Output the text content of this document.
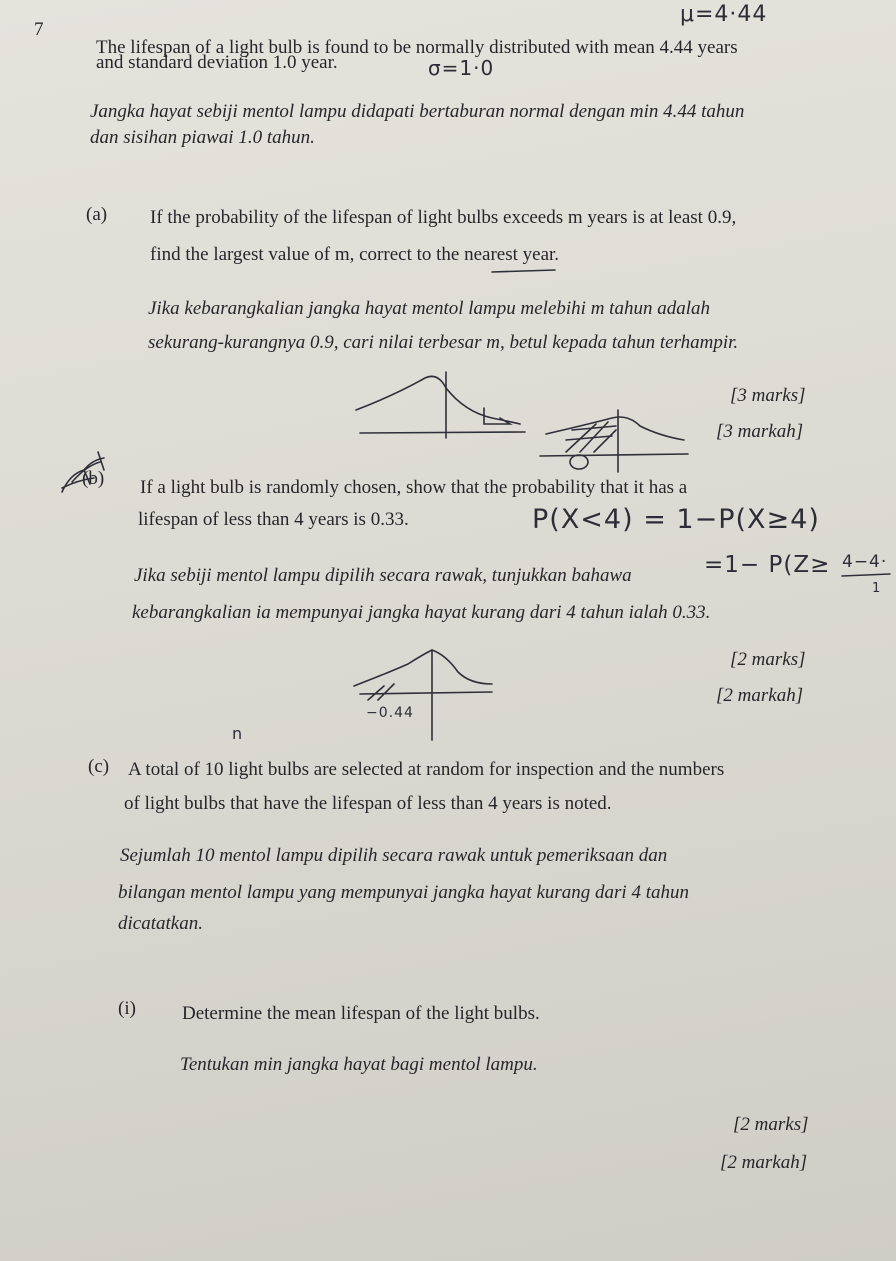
7
The lifespan of a light bulb is found to be normally distributed with mean 4.44 years
and standard deviation 1.0 year.
Jangka hayat sebiji mentol lampu didapati bertaburan normal dengan min 4.44 tahun
dan sisihan piawai 1.0 tahun.
(a) If the probability of the lifespan of light bulbs exceeds m years is at least 0.9,
find the largest value of m, correct to the nearest year.
Jika kebarangkalian jangka hayat mentol lampu melebihi m tahun adalah
sekurang-kurangnya 0.9, cari nilai terbesar m, betul kepada tahun terhampir.
[3 marks]
[3 markah]
(b) If a light bulb is randomly chosen, show that the probability that it has a
lifespan of less than 4 years is 0.33.
Jika sebiji mentol lampu dipilih secara rawak, tunjukkan bahawa
kebarangkalian ia mempunyai jangka hayat kurang dari 4 tahun ialah 0.33.
[2 marks]
[2 markah]
(c) A total of 10 light bulbs are selected at random for inspection and the numbers
of light bulbs that have the lifespan of less than 4 years is noted.
Sejumlah 10 mentol lampu dipilih secara rawak untuk pemeriksaan dan
bilangan mentol lampu yang mempunyai jangka hayat kurang dari 4 tahun
dicatatkan.
(i) Determine the mean lifespan of the light bulbs.
Tentukan min jangka hayat bagi mentol lampu.
[2 marks]
[2 markah]
μ=4·44
σ=1·0
P(X<4) = 1−P(X≥4)
=1− P(Z≥ 4−4·
1
−0.44
n
